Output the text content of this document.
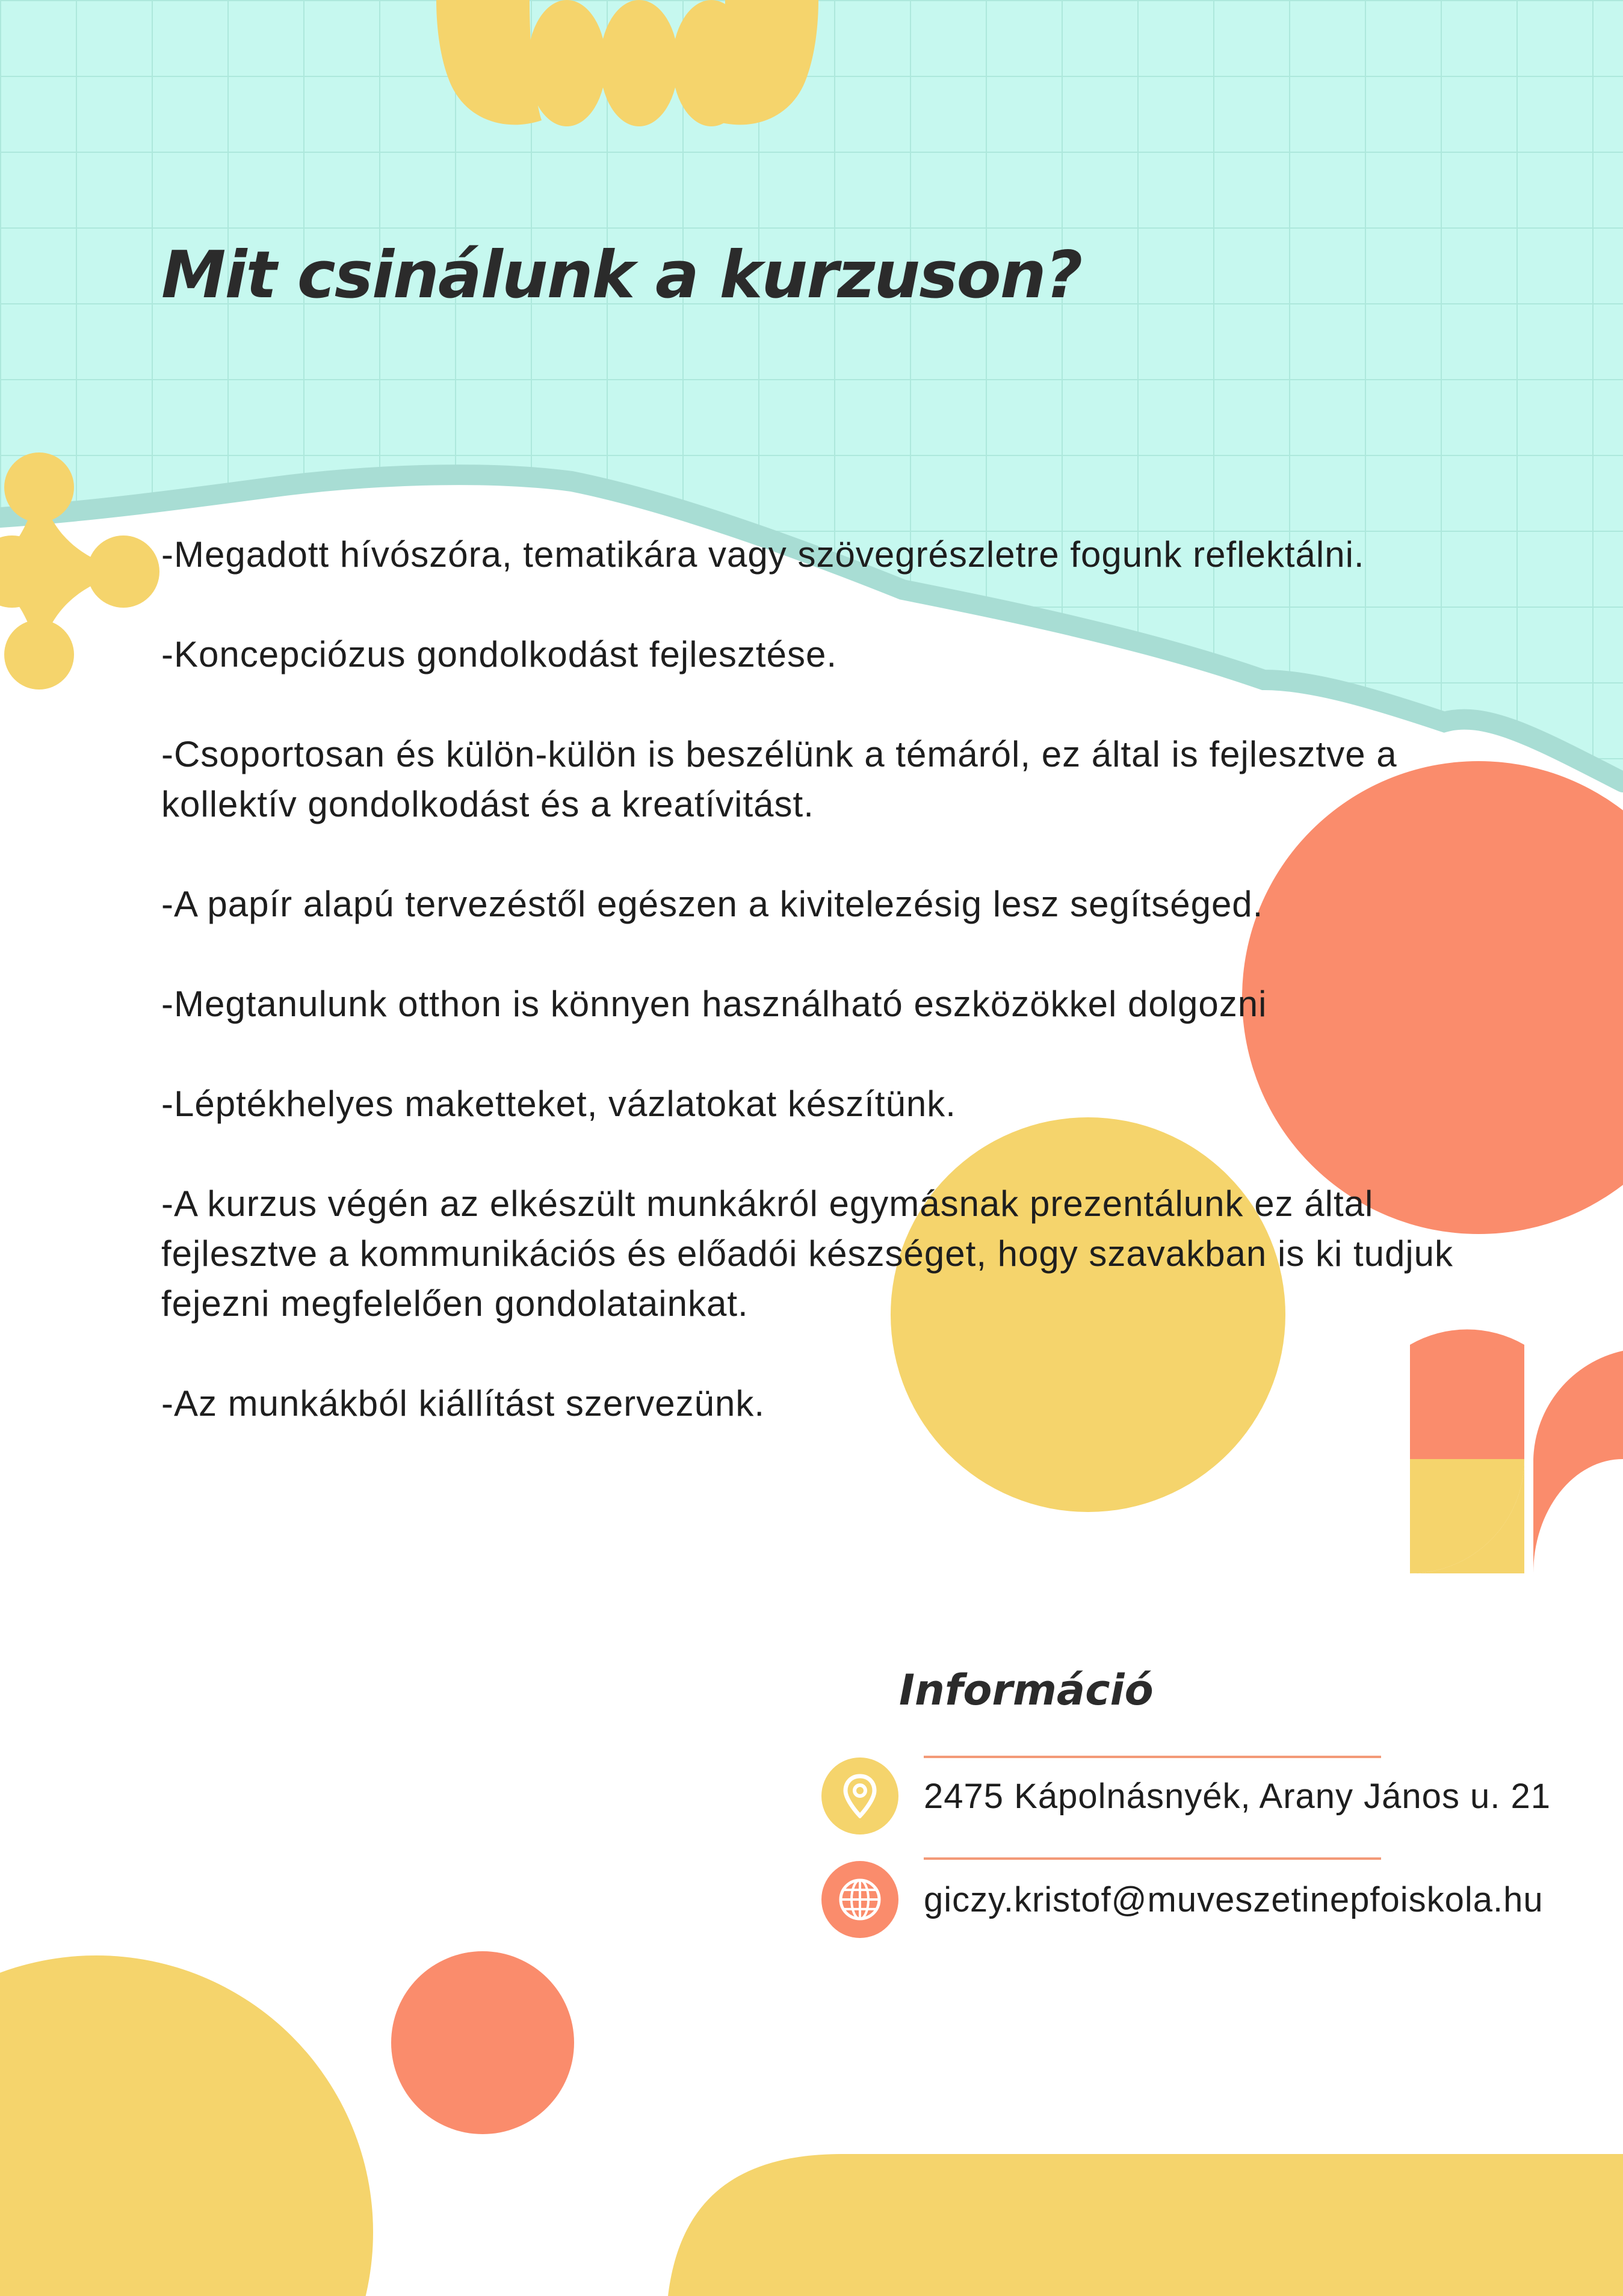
Mit csinálunk a kurzuson?

-Megadott hívószóra, tematikára vagy szövegrészletre fogunk reflektálni.

-Koncepciózus gondolkodást fejlesztése.

-Csoportosan és külön-külön is beszélünk a témáról, ez által is fejlesztve a kollektív gondolkodást és a kreatívitást.

-A papír alapú tervezéstől egészen a kivitelezésig lesz segítséged.

-Megtanulunk otthon is könnyen használható eszközökkel dolgozni

-Léptékhelyes maketteket, vázlatokat készítünk.

-A kurzus végén az elkészült munkákról egymásnak prezentálunk ez által fejlesztve a kommunikációs és előadói készséget, hogy szavakban is ki tudjuk fejezni megfelelően gondolatainkat.

-Az munkákból kiállítást szervezünk.

Információ
2475 Kápolnásnyék, Arany János u. 21
giczy.kristof@muveszetinepfoiskola.hu
